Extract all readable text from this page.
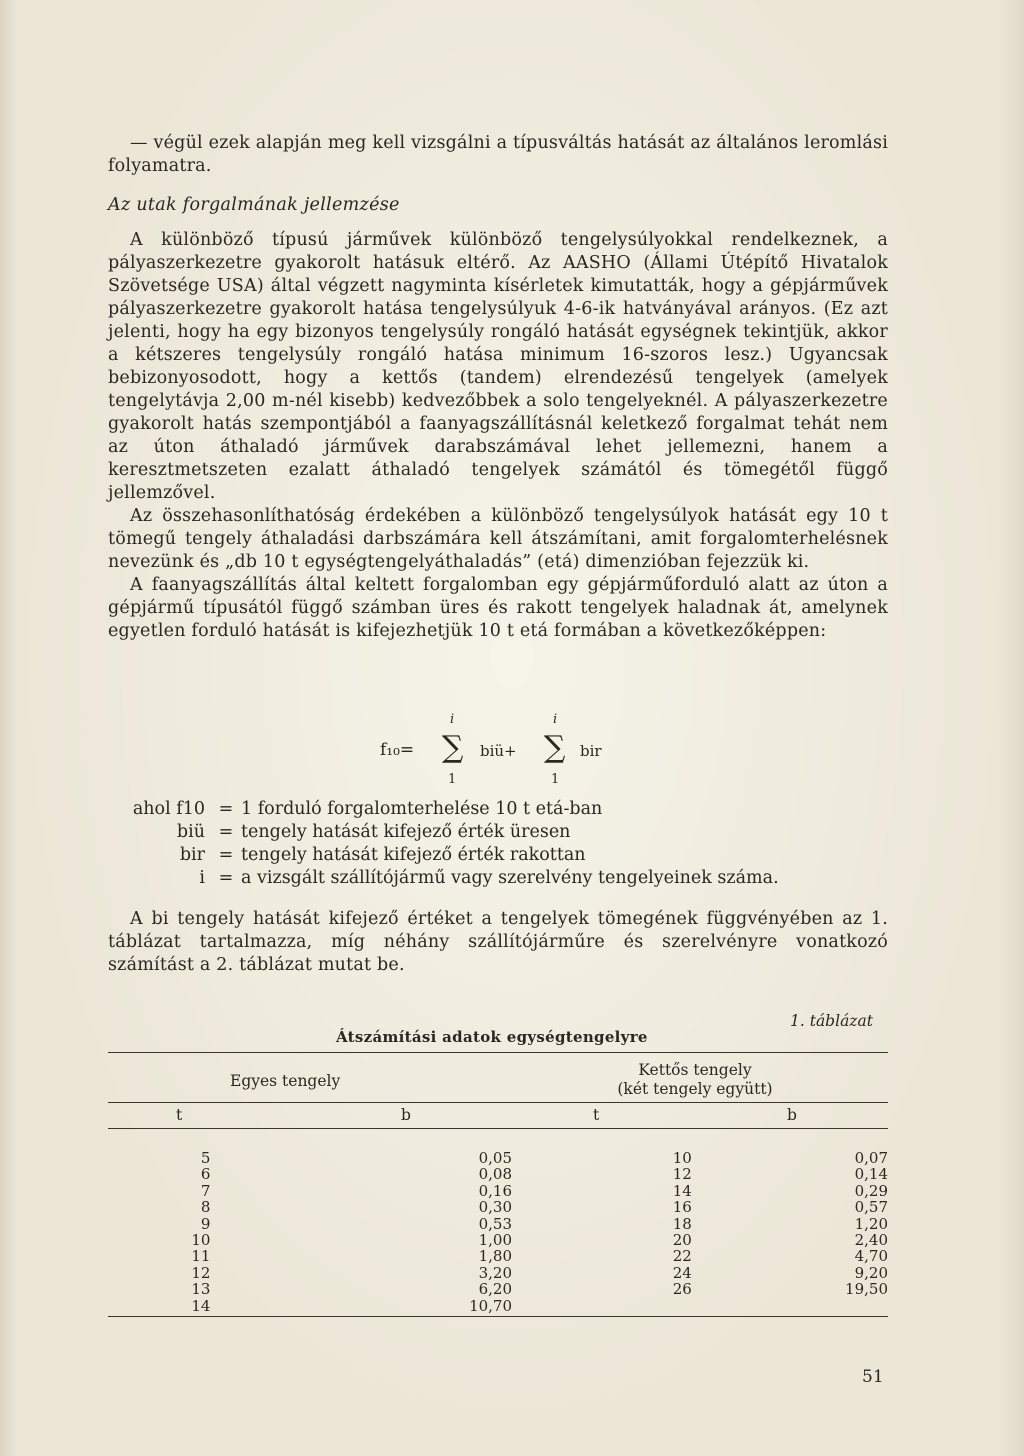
— végül ezek alapján meg kell vizsgálni a típusváltás hatását az általános leromlási folyamatra.

Az utak forgalmának jellemzése

A különböző típusú járművek különböző tengelysúlyokkal rendelkeznek, a pályaszerkezetre gyakorolt hatásuk eltérő. Az AASHO (Állami Útépítő Hivatalok Szövetsége USA) által végzett nagyminta kísérletek kimutatták, hogy a gépjárművek pályaszerkezetre gyakorolt hatása tengelysúlyuk 4-6-ik hatványával arányos. (Ez azt jelenti, hogy ha egy bizonyos tengelysúly rongáló hatását egységnek tekintjük, akkor a kétszeres tengelysúly rongáló hatása minimum 16-szoros lesz.) Ugyancsak bebizonyosodott, hogy a kettős (tandem) elrendezésű tengelyek (amelyek tengelytávja 2,00 m-nél kisebb) kedvezőbbek a solo tengelyeknél. A pályaszerkezetre gyakorolt hatás szempontjából a faanyagszállításnál keletkező forgalmat tehát nem az úton áthaladó járművek darabszámával lehet jellemezni, hanem a keresztmetszeten ezalatt áthaladó tengelyek számától és tömegétől függő jellemzővel.

Az összehasonlíthatóság érdekében a különböző tengelysúlyok hatását egy 10 t tömegű tengely áthaladási darbszámára kell átszámítani, amit forgalomterhelésnek nevezünk és „db 10 t egységtengelyáthaladás” (etá) dimenzióban fejezzük ki.

A faanyagszállítás által keltett forgalomban egy gépjárműforduló alatt az úton a gépjármű típusától függő számban üres és rakott tengelyek haladnak át, amelynek egyetlen forduló hatását is kifejezhetjük 10 t etá formában a következőképpen:

f₁₀=
i
∑
1
biü+
i
∑
1
bir
ahol f10 = 1 forduló forgalomterhelése 10 t etá-ban
biü = tengely hatását kifejező érték üresen
bir = tengely hatását kifejező érték rakottan
i = a vizsgált szállítójármű vagy szerelvény tengelyeinek száma.

A bi tengely hatását kifejező értéket a tengelyek tömegének függvényében az 1. táblázat tartalmazza, míg néhány szállítójárműre és szerelvényre vonatkozó számítást a 2. táblázat mutat be.

1. táblázat
Átszámítási adatok egységtengelyre
Egyes tengely
Kettős tengely
(két tengely együtt)
t	b	t	b
5	0,05	10	0,07
6	0,08	12	0,14
7	0,16	14	0,29
8	0,30	16	0,57
9	0,53	18	1,20
10	1,00	20	2,40
11	1,80	22	4,70
12	3,20	24	9,20
13	6,20	26	19,50
14	10,70
51
